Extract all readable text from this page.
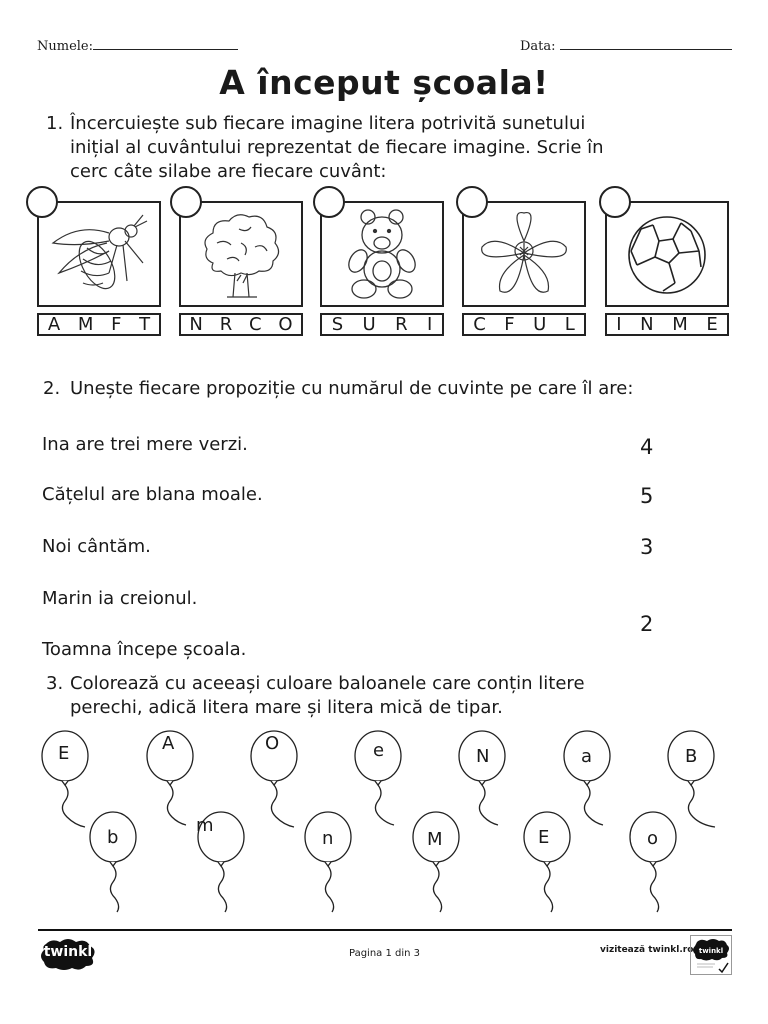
Numele:	Data:
A început școala!
1. Încercuiește sub fiecare imagine litera potrivită sunetului
inițial al cuvântului reprezentat de fiecare imagine. Scrie în
cerc câte silabe are fiecare cuvânt:
A M F T N R C O S U R I C F U L I N M E
2. Unește fiecare propoziție cu numărul de cuvinte pe care îl are:
Ina are trei mere verzi.
Cățelul are blana moale.
Noi cântăm.
Marin ia creionul.
Toamna începe școala.
4
5
3
2
3. Colorează cu aceeași culoare baloanele care conțin litere
perechi, adică litera mare și litera mică de tipar.
E	A	O	e	N	a	B
b
m
n	M	E	o
twinkl	Pagina 1 din 3	vizitează twinkl.ro twinkl
